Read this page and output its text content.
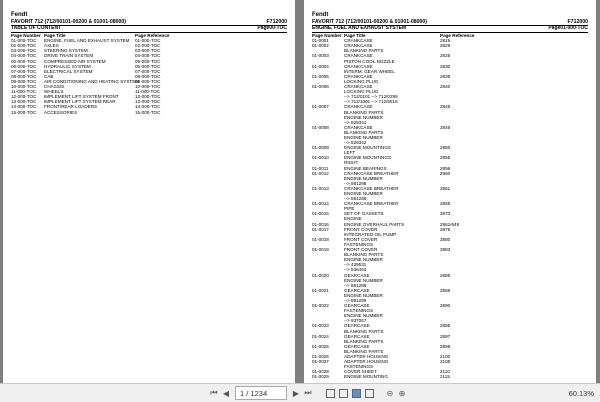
Fendt
FAVORIT 712 (712/00101-00200 & 01001-08000)	F712000
TABLE OF CONTENT	Page00-TOC
Page Number Page Title	Page Reference
01-000-TOC	ENGINE, FUEL AND EXHAUST SYSTEM	01-000-TOC
02-000-TOC	AXLES	02-000-TOC
03-000-TOC	STEERING SYSTEM	03-000-TOC
04-000-TOC	DRIVE TRAIN SYSTEM	04-000-TOC
05-000-TOC	COMPRESSED AIR SYSTEM	05-000-TOC
06-000-TOC	HYDRAULIC SYSTEM	06-000-TOC
07-000-TOC	ELECTRICAL SYSTEM	07-000-TOC
08-000-TOC	CAB	08-000-TOC
09-000-TOC	AIR CONDITIONING AND HEATING SYSTEM
09-000-TOC
10-000-TOC	CHASSIS	10-000-TOC
11-000-TOC	WHEELS	11-000-TOC
12-000-TOC	IMPLEMENT LIFT SYSTEM FRONT	12-000-TOC
13-000-TOC	IMPLEMENT LIFT SYSTEM REAR	13-000-TOC
14-000-TOC	FRONT/REAR LOADERS	14-000-TOC
15-000-TOC	ACCESSORIES	15-000-TOC
Fendt
FAVORIT 712 (712/00101-00200 & 01001-08000)	F712000
ENGINE, FUEL AND EXHAUST SYSTEM	Page01-000-TOC
Page Number Page Title	Page Reference
01-0001	CRANKCASE	2819
01-0002	CRANKCASE	2829
BLANKING PARTS
01-0003	CRANKCASE	2825
PISTON COOL.NOZZLE
01-0004	CRANKCASE	2830
INTERM. GEAR WHEEL
01-0005	CRANKCASE	2835
LOCKING PLUG
01-0006	CRANKCASE	2840
LOCKING PLUG
--> 712/0101 --> 712/0299
--> 712/1001 --> 712/5515
01-0007	CRANKCASE	2845
BLANKING PARTS
ENGINE NUMBER
--> 829341
01-0008	CRANKCASE	2846
BLANKING PARTS
ENGINE NUMBER
--> 829342
01-0009	ENGINE MOUNTINGS	2850
LEFT
01-0010	ENGINE MOUNTINGS	2855
RIGHT
01-0011	ENGINE BEARINGS	2856
01-0012	CRANKCASE BREATHER	2860
ENGINE NUMBER
--> 881288
01-0013	CRANKCASE BREATHER	2861
ENGINE NUMBER
--> 881289
01-0014	CRANKCASE BREATHER	2865
PIPE
01-0015	SET OF GASKETS	2873
ENGINE
01-0016	ENGINE OVERHAUL PARTS	2861/649
01-0017	FRONT COVER	2875
INTEGRATED OIL PUMP
01-0018	FRONT COVER	2880
FASTENINGS
01-0019	FRONT COVER	2883
BLANKING PARTS
ENGINE NUMBER
--> 439531
--> 536463
01-0020	GEARCASE	2885
ENGINE NUMBER
--> 881288
01-0021	GEARCASE	2886
ENGINE NUMBER
--> 881289
01-0022	GEARCASE	2890
FASTENINGS
ENGINE NUMBER
--> 937067
01-0023	GEARCASE	2895
BLANKING PARTS
01-0024	GEARCASE	2897
BLANKING PARTS
01-0025	GEARCASE	2898
BLANKING PARTS
01-0026	ADAPTER HOUSING	2100
01-0027	ADAPTER HOUSING	2105
FASTENINGS
01-0028	COVER SHEET	2110
01-0029	ENGINE MOUNTING	2115
⏮ ◀	1
/ 1234	▶ ⏭	⊖ ⊕	60.13%
